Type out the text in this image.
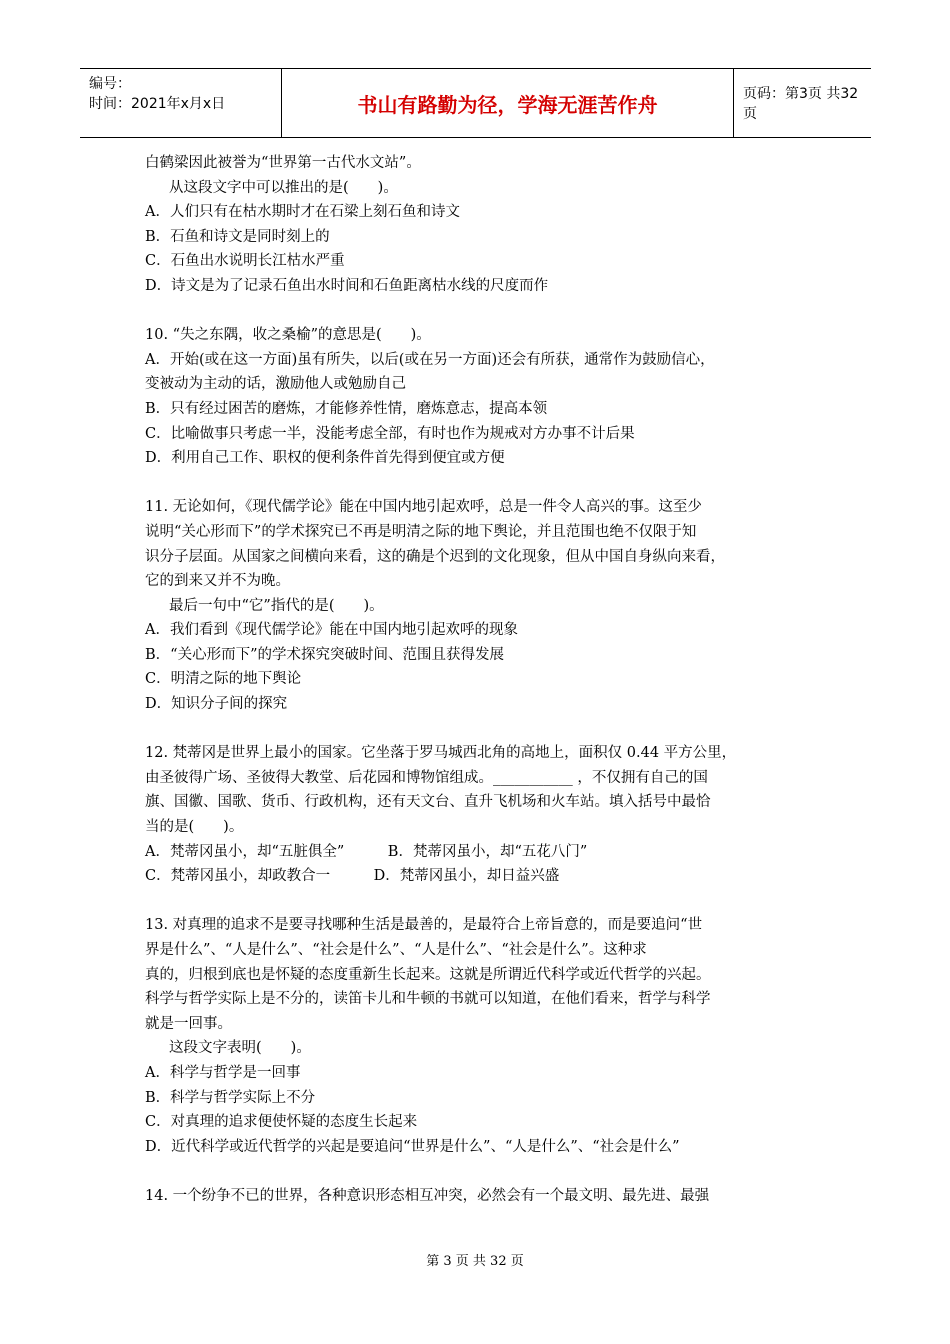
编号：
时间：2021年x月x日	书山有路勤为径，学海无涯苦作舟	页码：第3页 共32页

白鹤梁因此被誉为“世界第一古代水文站”。

从这段文字中可以推出的是(　　)。

A．人们只有在枯水期时才在石梁上刻石鱼和诗文

B．石鱼和诗文是同时刻上的

C．石鱼出水说明长江枯水严重

D．诗文是为了记录石鱼出水时间和石鱼距离枯水线的尺度而作

10. “失之东隅，收之桑榆”的意思是(　　)。

A．开始(或在这一方面)虽有所失，以后(或在另一方面)还会有所获，通常作为鼓励信心，

变被动为主动的话，激励他人或勉励自己

B．只有经过困苦的磨炼，才能修养性情，磨炼意志，提高本领

C．比喻做事只考虑一半，没能考虑全部，有时也作为规戒对方办事不计后果

D．利用自己工作、职权的便利条件首先得到便宜或方便

11. 无论如何，《现代儒学论》能在中国内地引起欢呼，总是一件令人高兴的事。这至少

说明“关心形而下”的学术探究已不再是明清之际的地下舆论，并且范围也绝不仅限于知

识分子层面。从国家之间横向来看，这的确是个迟到的文化现象，但从中国自身纵向来看，

它的到来又并不为晚。

最后一句中“它”指代的是(　　)。

A．我们看到《现代儒学论》能在中国内地引起欢呼的现象

B．“关心形而下”的学术探究突破时间、范围且获得发展

C．明清之际的地下舆论

D．知识分子间的探究

12. 梵蒂冈是世界上最小的国家。它坐落于罗马城西北角的高地上，面积仅 0.44 平方公里，

由圣彼得广场、圣彼得大教堂、后花园和博物馆组成。___________ ，不仅拥有自己的国

旗、国徽、国歌、货币、行政机构，还有天文台、直升飞机场和火车站。填入括号中最恰

当的是(　　)。

A．梵蒂冈虽小，却“五脏俱全”　　　B．梵蒂冈虽小，却“五花八门”

C．梵蒂冈虽小，却政教合一　　　D．梵蒂冈虽小，却日益兴盛

13. 对真理的追求不是要寻找哪种生活是最善的，是最符合上帝旨意的，而是要追问“世

界是什么”、“人是什么”、“社会是什么”、“人是什么”、“社会是什么”。这种求

真的，归根到底也是怀疑的态度重新生长起来。这就是所谓近代科学或近代哲学的兴起。

科学与哲学实际上是不分的，读笛卡儿和牛顿的书就可以知道，在他们看来，哲学与科学

就是一回事。

这段文字表明(　　)。

A．科学与哲学是一回事

B．科学与哲学实际上不分

C．对真理的追求便使怀疑的态度生长起来

D．近代科学或近代哲学的兴起是要追问“世界是什么”、“人是什么”、“社会是什么”

14. 一个纷争不已的世界，各种意识形态相互冲突，必然会有一个最文明、最先进、最强

第 3 页 共 32 页
